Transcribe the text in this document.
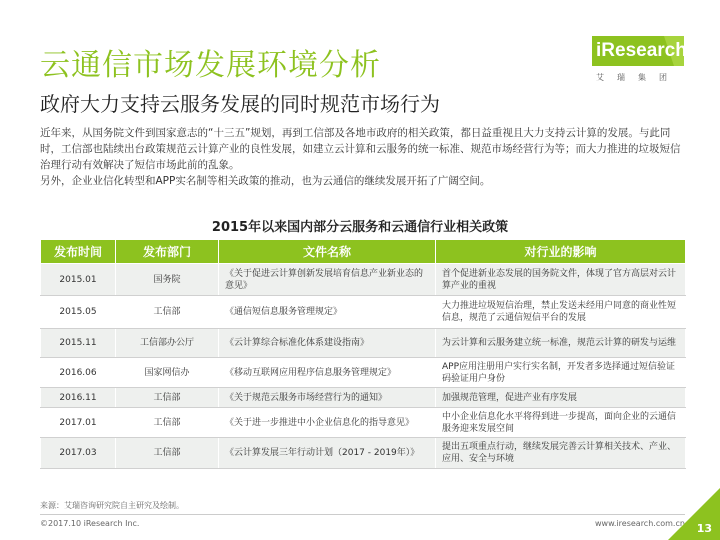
云通信市场发展环境分析
政府大力支持云服务发展的同时规范市场行为
iResearch
艾瑞集团

近年来，从国务院文件到国家意志的“十三五”规划，再到工信部及各地市政府的相关政策，都日益重视且大力支持云计算的发展。与此同时，工信部也陆续出台政策规范云计算产业的良性发展，如建立云计算和云服务的统一标准、规范市场经营行为等；而大力推进的垃圾短信治理行动有效解决了短信市场此前的乱象。

另外，企业业信化转型和APP实名制等相关政策的推动，也为云通信的继续发展开拓了广阔空间。

2015年以来国内部分云服务和云通信行业相关政策
发布时间	发布部门	文件名称	对行业的影响
2015.01	国务院	《关于促进云计算创新发展培育信息产业新业态的意见》	首个促进新业态发展的国务院文件，体现了官方高层对云计算产业的重视
2015.05	工信部	《通信短信息服务管理规定》	大力推进垃圾短信治理，禁止发送未经用户同意的商业性短信息，规范了云通信短信平台的发展
2015.11	工信部办公厅	《云计算综合标准化体系建设指南》	为云计算和云服务建立统一标准，规范云计算的研发与运维
2016.06	国家网信办	《移动互联网应用程序信息服务管理规定》	APP应用注册用户实行实名制，开发者多选择通过短信验证码验证用户身份
2016.11	工信部	《关于规范云服务市场经营行为的通知》	加强规范管理，促进产业有序发展
2017.01	工信部	《关于进一步推进中小企业信息化的指导意见》	中小企业信息化水平将得到进一步提高，面向企业的云通信服务迎来发展空间
2017.03	工信部	《云计算发展三年行动计划（2017 - 2019年）》	提出五项重点行动，继续发展完善云计算相关技术、产业、应用、安全与环境
来源：艾瑞咨询研究院自主研究及绘制。
©2017.10 iResearch Inc.	www.iresearch.com.cn 13
